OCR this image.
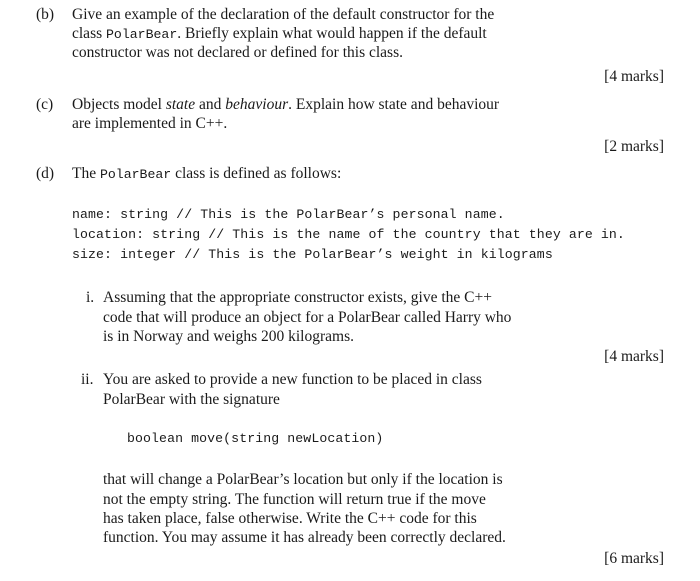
(b) Give an example of the declaration of the default constructor for the
class PolarBear. Briefly explain what would happen if the default
constructor was not declared or defined for this class.
[4 marks]
(c) Objects model state and behaviour. Explain how state and behaviour
are implemented in C++.
[2 marks]
(d) The PolarBear class is defined as follows:
name: string // This is the PolarBear’s personal name.
location: string // This is the name of the country that they are in.
size: integer // This is the PolarBear’s weight in kilograms
i. Assuming that the appropriate constructor exists, give the C++
code that will produce an object for a PolarBear called Harry who
is in Norway and weighs 200 kilograms.
[4 marks]
ii. You are asked to provide a new function to be placed in class
PolarBear with the signature
boolean move(string newLocation)
that will change a PolarBear’s location but only if the location is
not the empty string. The function will return true if the move
has taken place, false otherwise. Write the C++ code for this
function. You may assume it has already been correctly declared.
[6 marks]
